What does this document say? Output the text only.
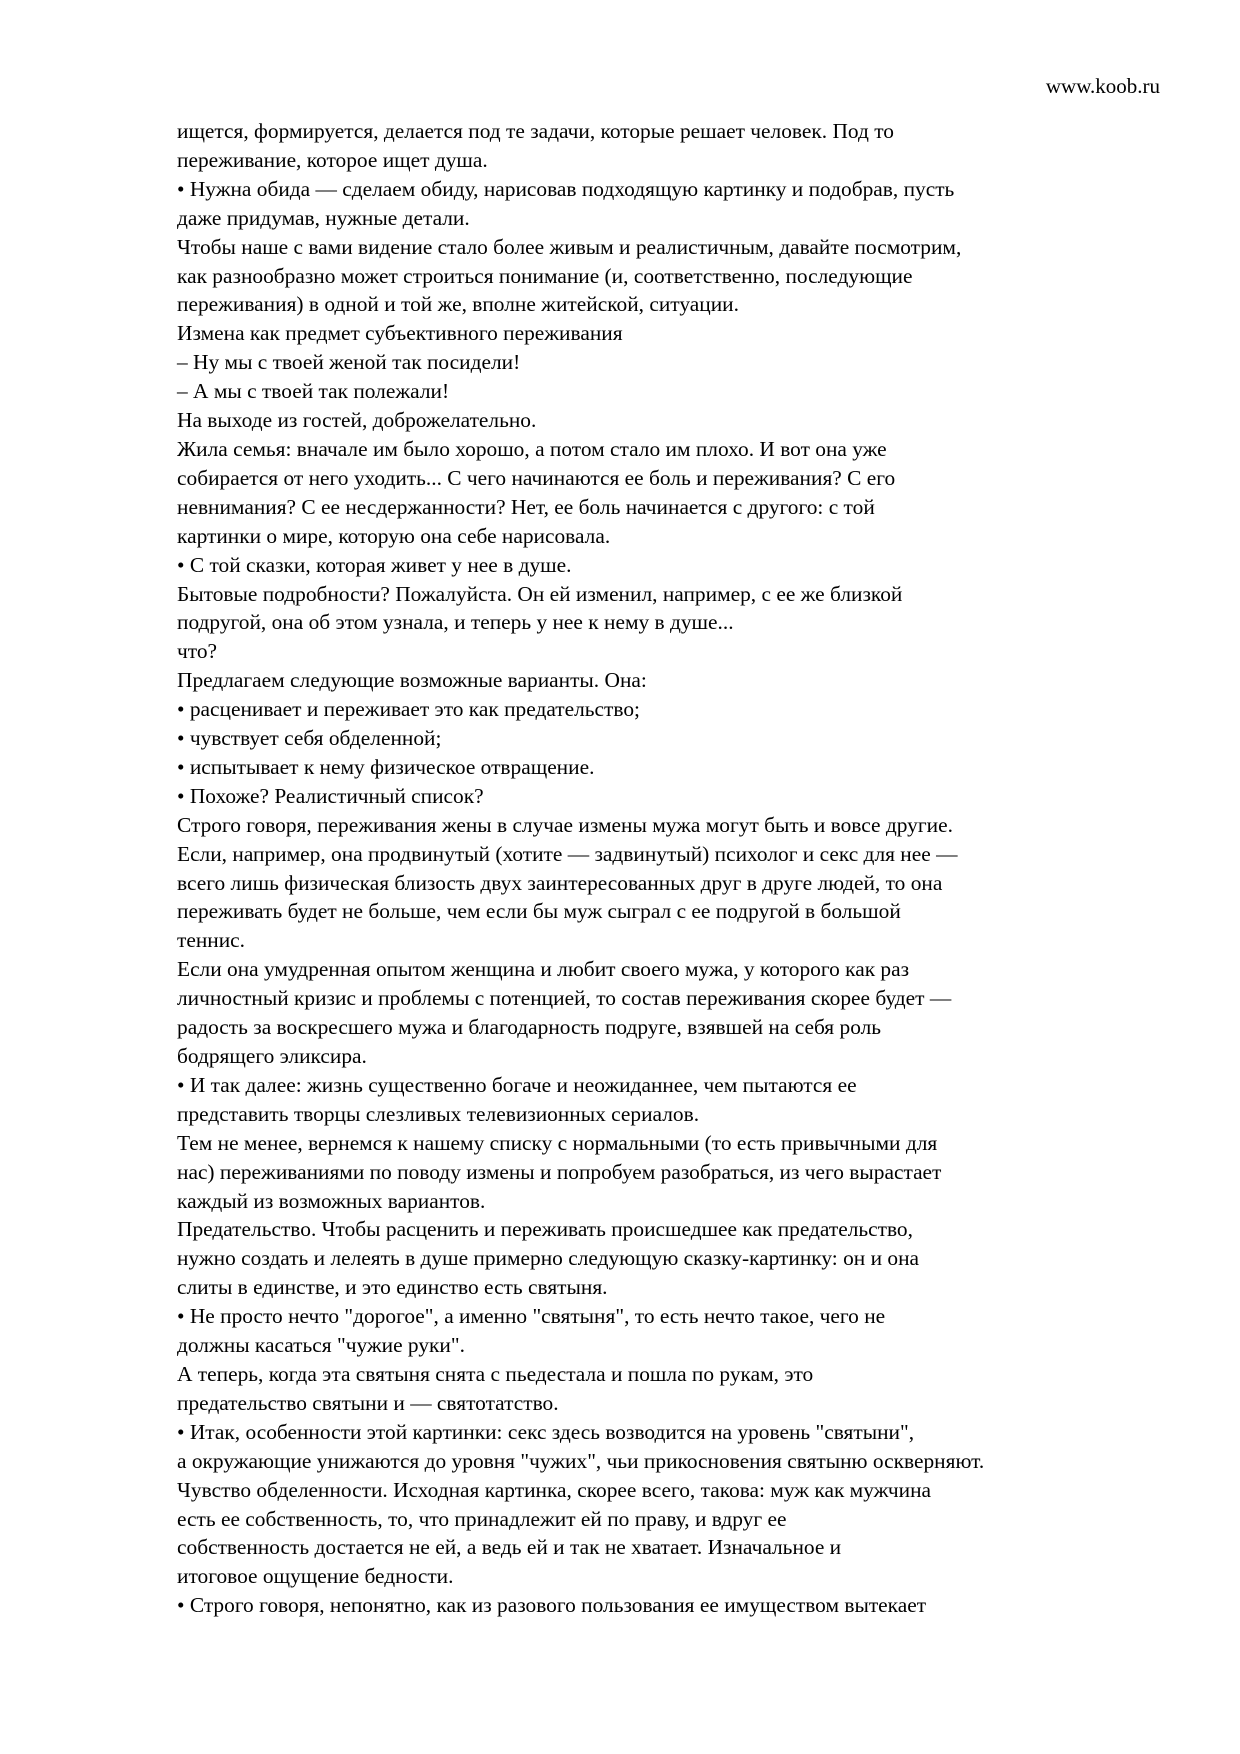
www.koob.ru

ищется, формируется, делается под те задачи, которые решает человек. Под то

переживание, которое ищет душа.

• Нужна обида — сделаем обиду, нарисовав подходящую картинку и подобрав, пусть

даже придумав, нужные детали.

Чтобы наше с вами видение стало более живым и реалистичным, давайте посмотрим,

как разнообразно может строиться понимание (и, соответственно, последующие

переживания) в одной и той же, вполне житейской, ситуации.

Измена как предмет субъективного переживания

– Ну мы с твоей женой так посидели!

– А мы с твоей так полежали!

На выходе из гостей, доброжелательно.

Жила семья: вначале им было хорошо, а потом стало им плохо. И вот она уже

собирается от него уходить... С чего начинаются ее боль и переживания? С его

невнимания? С ее несдержанности? Нет, ее боль начинается с другого: с той

картинки о мире, которую она себе нарисовала.

• С той сказки, которая живет у нее в душе.

Бытовые подробности? Пожалуйста. Он ей изменил, например, с ее же близкой

подругой, она об этом узнала, и теперь у нее к нему в душе...

что?

Предлагаем следующие возможные варианты. Она:

• расценивает и переживает это как предательство;

• чувствует себя обделенной;

• испытывает к нему физическое отвращение.

• Похоже? Реалистичный список?

Строго говоря, переживания жены в случае измены мужа могут быть и вовсе другие.

Если, например, она продвинутый (хотите — задвинутый) психолог и секс для нее —

всего лишь физическая близость двух заинтересованных друг в друге людей, то она

переживать будет не больше, чем если бы муж сыграл с ее подругой в большой

теннис.

Если она умудренная опытом женщина и любит своего мужа, у которого как раз

личностный кризис и проблемы с потенцией, то состав переживания скорее будет —

радость за воскресшего мужа и благодарность подруге, взявшей на себя роль

бодрящего эликсира.

• И так далее: жизнь существенно богаче и неожиданнее, чем пытаются ее

представить творцы слезливых телевизионных сериалов.

Тем не менее, вернемся к нашему списку с нормальными (то есть привычными для

нас) переживаниями по поводу измены и попробуем разобраться, из чего вырастает

каждый из возможных вариантов.

Предательство. Чтобы расценить и переживать происшедшее как предательство,

нужно создать и лелеять в душе примерно следующую сказку-картинку: он и она

слиты в единстве, и это единство есть святыня.

• Не просто нечто "дорогое", а именно "святыня", то есть нечто такое, чего не

должны касаться "чужие руки".

А теперь, когда эта святыня снята с пьедестала и пошла по рукам, это

предательство святыни и — святотатство.

• Итак, особенности этой картинки: секс здесь возводится на уровень "святыни",

а окружающие унижаются до уровня "чужих", чьи прикосновения святыню оскверняют.

Чувство обделенности. Исходная картинка, скорее всего, такова: муж как мужчина

есть ее собственность, то, что принадлежит ей по праву, и вдруг ее

собственность достается не ей, а ведь ей и так не хватает. Изначальное и

итоговое ощущение бедности.

• Строго говоря, непонятно, как из разового пользования ее имуществом вытекает
